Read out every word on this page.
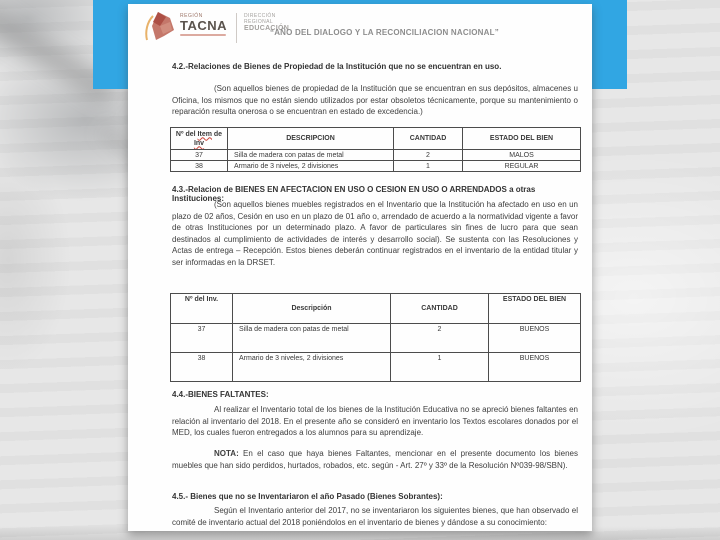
REGIÓN
TACNA
DIRECCIÓN
REGIONAL
EDUCACIÓN
“AÑO DEL DIALOGO Y LA RECONCILIACION NACIONAL”
4.2.-Relaciones de Bienes de Propiedad de la Institución que no se encuentran en uso.
(Son aquellos bienes de propiedad de la Institución que se encuentran en sus depósitos, almacenes u Oficina, los mismos que no están siendo utilizados por estar obsoletos técnicamente, porque su mantenimiento o reparación resulta onerosa o se encuentran en estado de excedencia.)
Nº del Item de
Inv	DESCRIPCION	CANTIDAD	ESTADO DEL BIEN
37	Silla de madera con patas de metal	2	MALOS
38	Armario de 3 niveles, 2 divisiones	1	REGULAR
4.3.-Relacion de BIENES EN AFECTACION EN USO O CESION EN USO O ARRENDADOS a otras Instituciones:
(Son aquellos bienes muebles registrados en el Inventario que la Institución ha afectado en uso en un plazo de 02 años, Cesión en uso en un plazo de 01 año o, arrendado de acuerdo a la normatividad vigente a favor de otras Instituciones por un determinado plazo. A favor de particulares sin fines de lucro para que sean destinados al cumplimiento de actividades de interés y desarrollo social). Se sustenta con las Resoluciones y Actas de entrega – Recepción. Estos bienes deberán continuar registrados en el inventario de la entidad titular y ser informadas en la DRSET.
Nº del Inv.	Descripción	CANTIDAD	ESTADO DEL BIEN
37	Silla de madera con patas de metal	2	BUENOS
38	Armario de 3 niveles, 2 divisiones	1	BUENOS
4.4.-BIENES FALTANTES:
Al realizar el Inventario total de los bienes de la Institución Educativa no se apreció bienes faltantes en relación al inventario del 2018. En el presente año se consideró en inventario los Textos escolares donados por el MED, los cuales fueron entregados a los alumnos para su aprendizaje.
NOTA: En el caso que haya bienes Faltantes, mencionar en el presente documento los bienes muebles que han sido perdidos, hurtados, robados, etc. según - Art. 27º y 33º de la Resolución Nº039-98/SBN).
4.5.- Bienes que no se Inventariaron el año Pasado (Bienes Sobrantes):
Según el Inventario anterior del 2017, no se inventariaron los siguientes bienes, que han observado el comité de inventario actual del 2018 poniéndolos en el inventario de bienes y dándose a su conocimiento:
